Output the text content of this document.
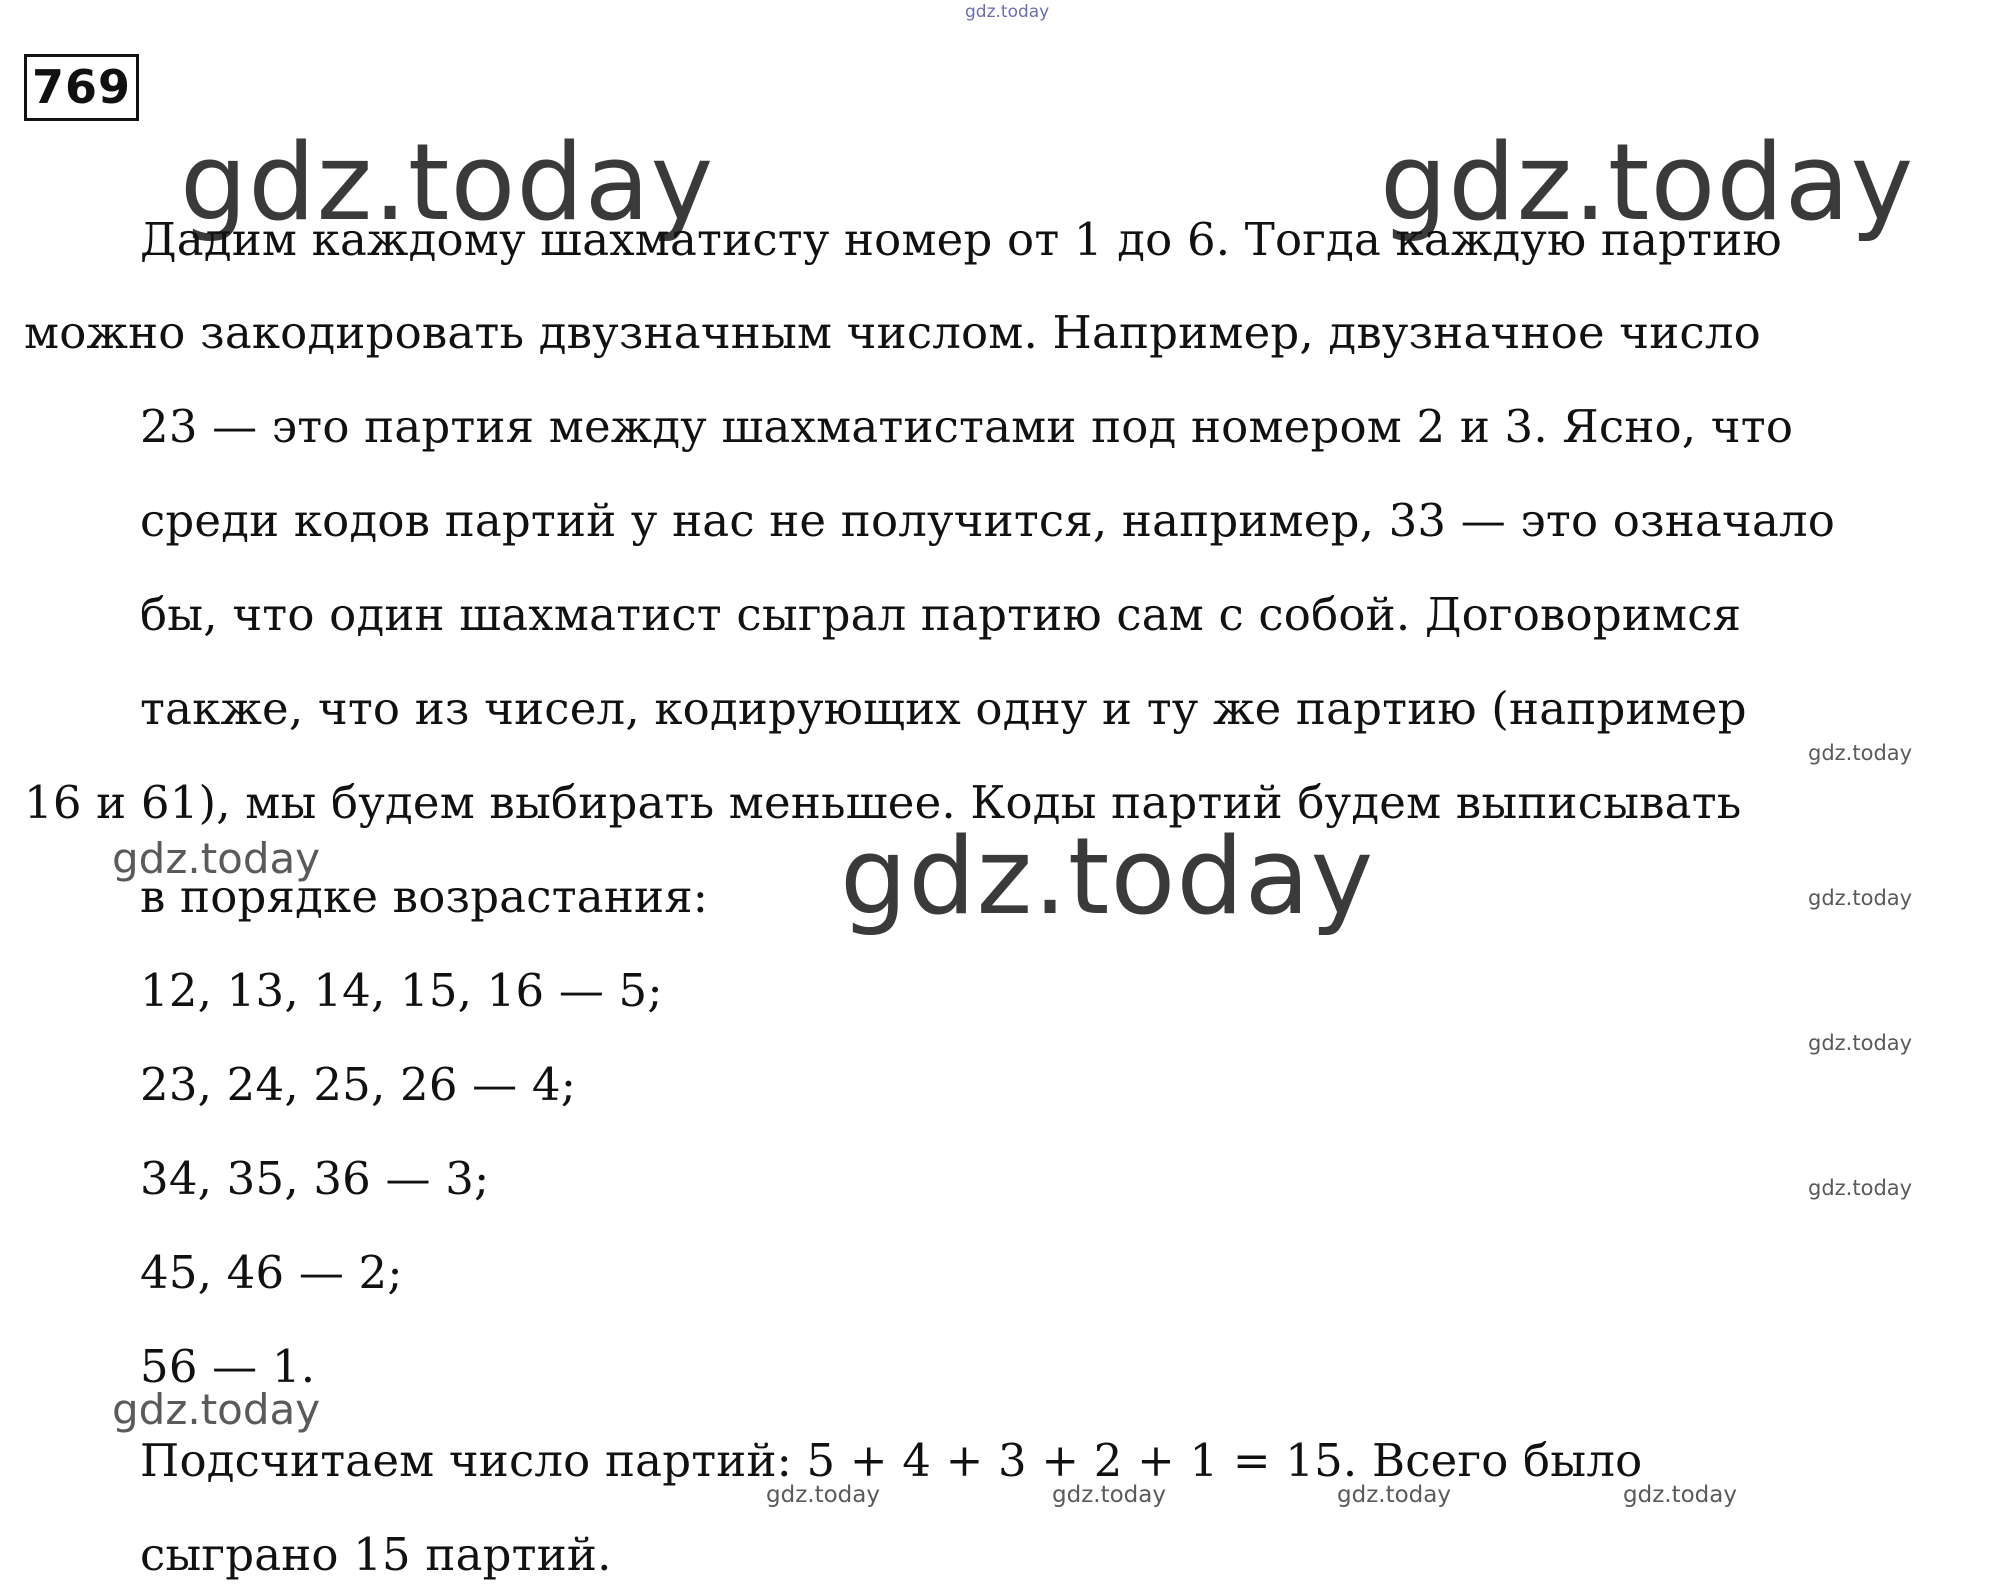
gdz.today
gdz.today	gdz.today
gdz.today
gdz.today
gdz.today
gdz.today
gdz.today
gdz.today
gdz.today
gdz.today	gdz.today	gdz.today	gdz.today
769
Дадим каждому шахматисту номер от 1 до 6. Тогда каждую партию
можно закодировать двузначным числом. Например, двузначное число
23 — это партия между шахматистами под номером 2 и 3. Ясно, что
среди кодов партий у нас не получится, например, 33 — это означало
бы, что один шахматист сыграл партию сам с собой. Договоримся
также, что из чисел, кодирующих одну и ту же партию (например
16 и 61), мы будем выбирать меньшее. Коды партий будем выписывать
в порядке возрастания:
12, 13, 14, 15, 16 — 5;
23, 24, 25, 26 — 4;
34, 35, 36 — 3;
45, 46 — 2;
56 — 1.
Подсчитаем число партий: 5 + 4 + 3 + 2 + 1 = 15. Всего было
сыграно 15 партий.
